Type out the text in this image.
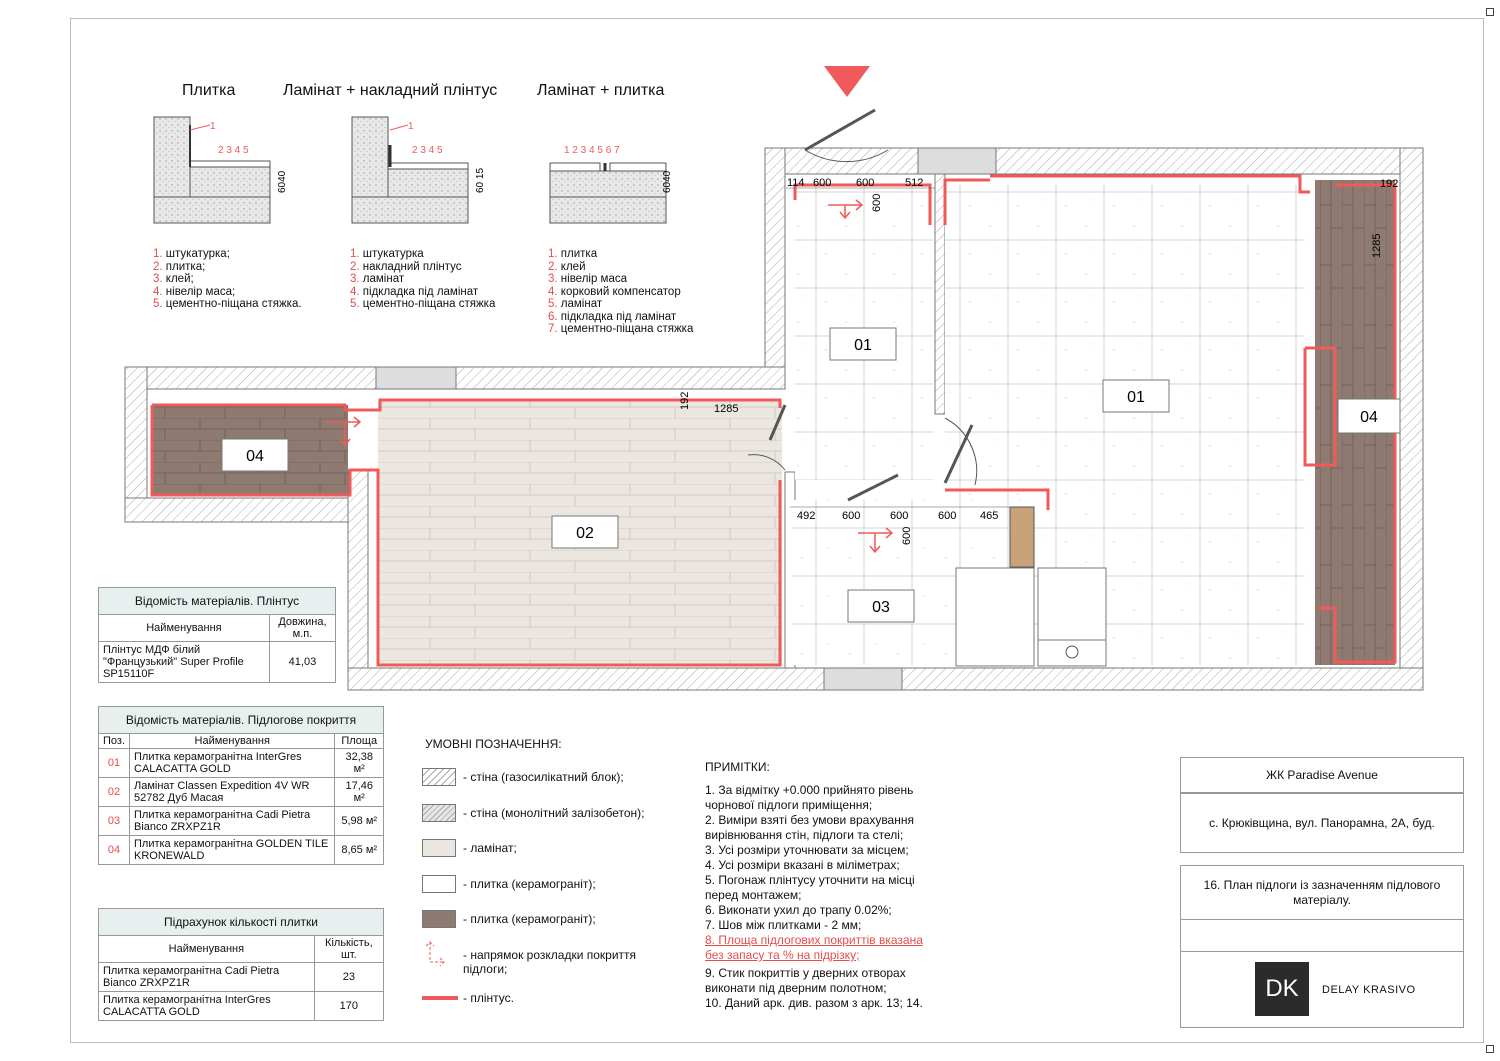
Плитка	Ламінат + накладний плінтус Ламінат + плитка
1
2 3 4 5
6040
1
2 3 4 5
60 15
1 2 3 4 5 6 7
6040
1. штукатурка;
2. плитка;
3. клей;
4. нівелір маса;
5. цементно-піщана стяжка.
1. штукатурка
2. накладний плінтус
3. ламінат
4. підкладка під ламінат
5. цементно-піщана стяжка
1. плитка
2. клей
3. нівелір маса
4. корковий компенсатор
5. ламінат
6. підкладка під ламінат
7. цементно-піщана стяжка
01
01
02
03
04
04
114 600 600	512
600
192 1285
192
1285
492 600	600	600 465
600
Відомість матеріалів. Плінтус	
Найменування	Довжина, м.п.
Плінтус МДФ білий "Французький" Super Profile SP15110F	41,03
Відомість матеріалів. Підлогове покриття		
Поз.	Найменування	Площа
01	Плитка керамогранітна InterGres CALACATTA GOLD	32,38 м²
02	Ламінат Classen Expedition 4V WR 52782 Дуб Масая	17,46 м²
03	Плитка керамогранітна Cadi Pietra Bianco ZRXPZ1R	5,98 м²
04	Плитка керамогранітна GOLDEN TILE KRONEWALD	8,65 м²
Підрахунок кількості плитки	
Найменування	Кількість, шт.
Плитка керамогранітна Cadi Pietra Bianco ZRXPZ1R	23
Плитка керамогранітна InterGres CALACATTA GOLD	170
УМОВНІ ПОЗНАЧЕННЯ:
- стіна (газосилікатний блок);
- стіна (монолітний залізобетон);
- ламінат;
- плитка (керамограніт);
- плитка (керамограніт);
- напрямок розкладки покриття підлоги;
- плінтус.
ПРИМІТКИ:
1. За відмітку +0.000 прийнято рівень
чорнової підлоги приміщення;
2. Виміри взяті без умови врахування
вирівнювання стін, підлоги та стелі;
3. Усі розміри уточнювати за місцем;
4. Усі розміри вказані в міліметрах;
5. Погонаж плінтусу уточнити на місці
перед монтажем;
6. Виконати ухил до трапу 0.02%;
7. Шов між плитками - 2 мм;
8. Площа підлогових покриттів вказана
без запасу та % на підрізку;
9. Стик покриттів у дверних отворах
виконати під дверним полотном;
10. Даний арк. див. разом з арк. 13; 14.
ЖК Paradise Avenue
с. Крюківщина, вул. Панорамна, 2А, буд.
16. План підлоги із зазначенням підлового матеріалу.
DK	DELAY KRASIVO
